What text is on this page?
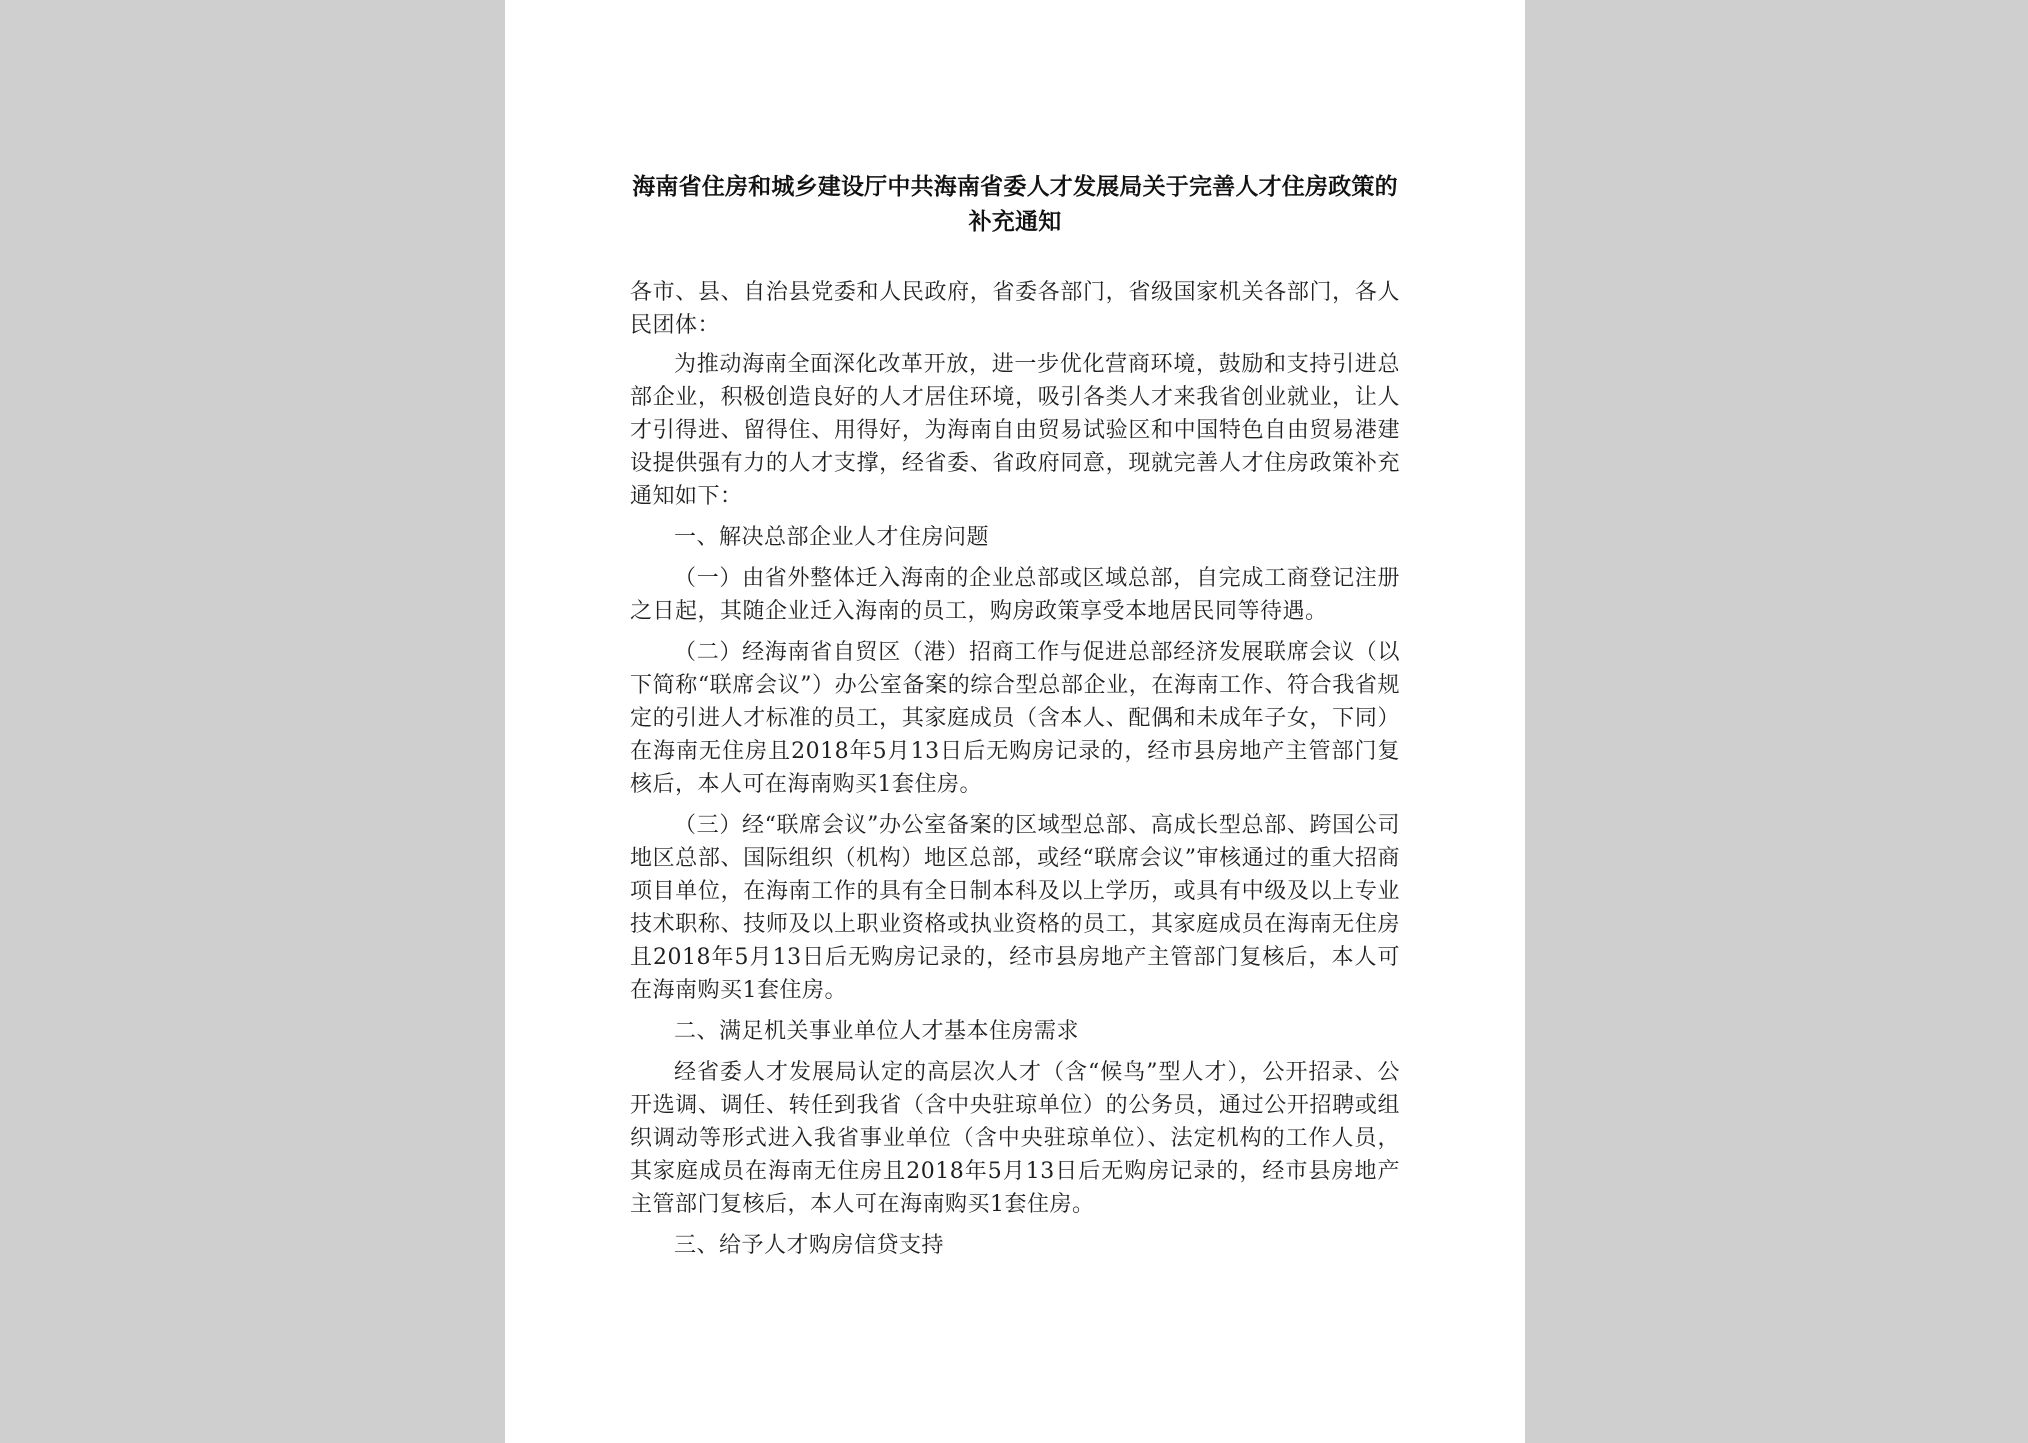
海南省住房和城乡建设厅中共海南省委人才发展局关于完善人才住房政策的补充通知

各市、县、自治县党委和人民政府，省委各部门，省级国家机关各部门，各人民团体：

为推动海南全面深化改革开放，进一步优化营商环境，鼓励和支持引进总部企业，积极创造良好的人才居住环境，吸引各类人才来我省创业就业，让人才引得进、留得住、用得好，为海南自由贸易试验区和中国特色自由贸易港建设提供强有力的人才支撑，经省委、省政府同意，现就完善人才住房政策补充通知如下：

一、解决总部企业人才住房问题

（一）由省外整体迁入海南的企业总部或区域总部，自完成工商登记注册之日起，其随企业迁入海南的员工，购房政策享受本地居民同等待遇。

（二）经海南省自贸区（港）招商工作与促进总部经济发展联席会议（以下简称“联席会议”）办公室备案的综合型总部企业，在海南工作、符合我省规定的引进人才标准的员工，其家庭成员（含本人、配偶和未成年子女，下同）在海南无住房且2018年5月13日后无购房记录的，经市县房地产主管部门复核后，本人可在海南购买1套住房。

（三）经“联席会议”办公室备案的区域型总部、高成长型总部、跨国公司地区总部、国际组织（机构）地区总部，或经“联席会议”审核通过的重大招商项目单位，在海南工作的具有全日制本科及以上学历，或具有中级及以上专业技术职称、技师及以上职业资格或执业资格的员工，其家庭成员在海南无住房且2018年5月13日后无购房记录的，经市县房地产主管部门复核后，本人可在海南购买1套住房。

二、满足机关事业单位人才基本住房需求

经省委人才发展局认定的高层次人才（含“候鸟”型人才），公开招录、公开选调、调任、转任到我省（含中央驻琼单位）的公务员，通过公开招聘或组织调动等形式进入我省事业单位（含中央驻琼单位）、法定机构的工作人员，其家庭成员在海南无住房且2018年5月13日后无购房记录的，经市县房地产主管部门复核后，本人可在海南购买1套住房。

三、给予人才购房信贷支持
